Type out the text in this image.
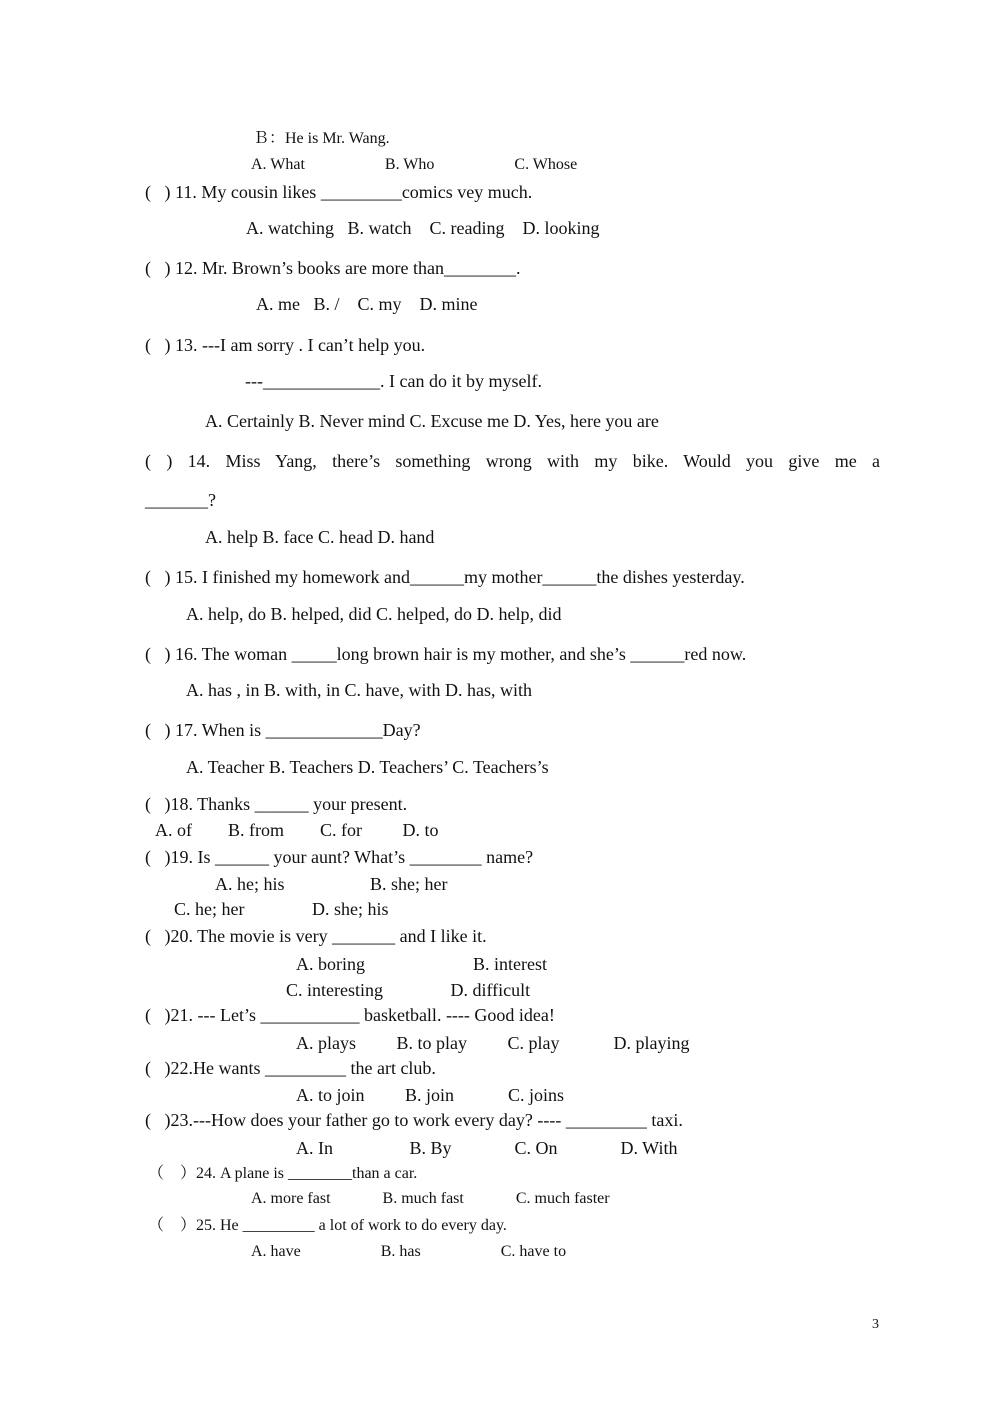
Ｂ：He is Mr. Wang.
A. What                    B. Who                    C. Whose
(   ) 11. My cousin likes _________comics vey much.
A. watching   B. watch    C. reading    D. looking
(   ) 12. Mr. Brown’s books are more than________.
A. me   B. /    C. my    D. mine
(   ) 13. ---I am sorry . I can’t help you.
---_____________. I can do it by myself.
A. Certainly B. Never mind C. Excuse me D. Yes, here you are
( ) 14. Miss Yang, there’s something wrong with my bike. Would you give me a
_______?
A. help B. face C. head D. hand
(   ) 15. I finished my homework and______my mother______the dishes yesterday.
A. help, do B. helped, did C. helped, do D. help, did
(   ) 16. The woman _____long brown hair is my mother, and she’s ______red now.
A. has , in B. with, in C. have, with D. has, with
(   ) 17. When is _____________Day?
A. Teacher B. Teachers D. Teachers’ C. Teachers’s
(   )18. Thanks ______ your present.
A. of        B. from        C. for         D. to
(   )19. Is ______ your aunt? What’s ________ name?
A. he; his                   B. she; her
C. he; her               D. she; his
(   )20. The movie is very _______ and I like it.
A. boring                        B. interest
C. interesting               D. difficult
(   )21. --- Let’s ___________ basketball. ---- Good idea!
A. plays         B. to play         C. play            D. playing
(   )22.He wants _________ the art club.
A. to join         B. join            C. joins
(   )23.---How does your father go to work every day? ---- _________ taxi.
A. In                 B. By              C. On              D. With
（    ）24. A plane is ________than a car.
A. more fast             B. much fast             C. much faster
（    ）25. He _________ a lot of work to do every day.
A. have                    B. has                    C. have to
3
